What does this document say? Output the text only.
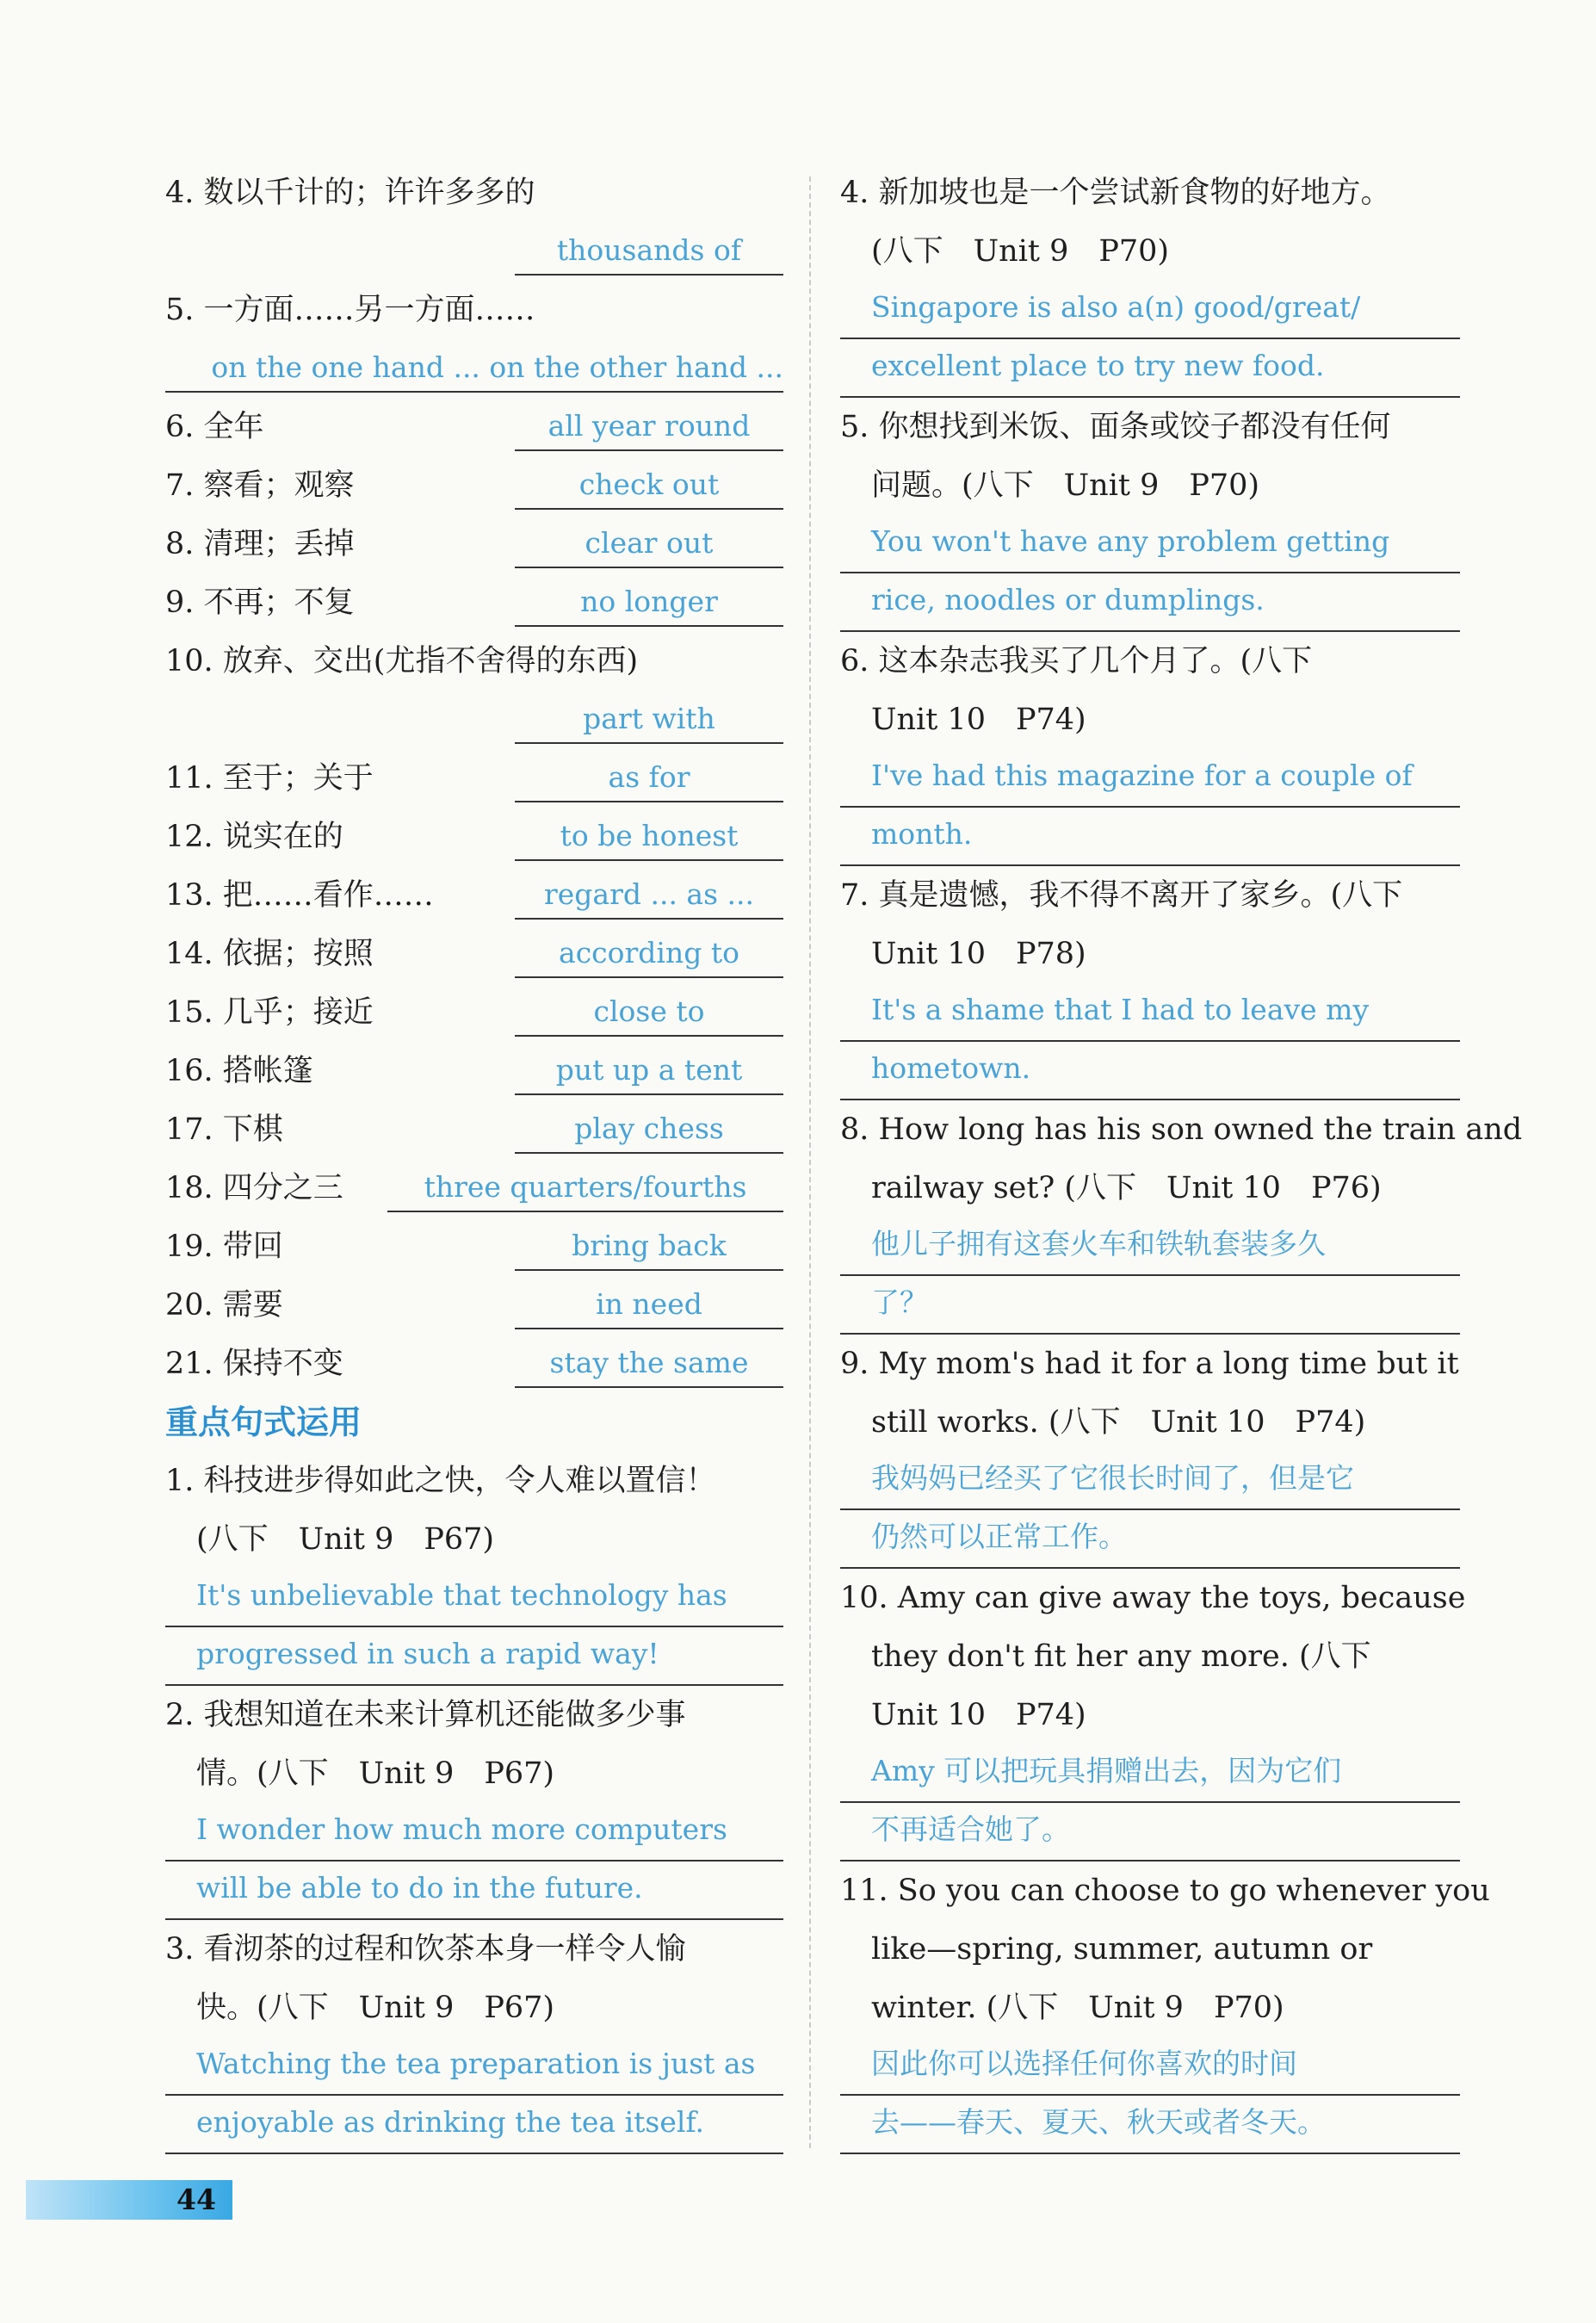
4. 数以千计的；许许多多的
thousands of
5. 一方面……另一方面……
on the one hand ... on the other hand ...
6. 全年	all year round
7. 察看；观察	check out
8. 清理；丢掉	clear out
9. 不再；不复	no longer
10. 放弃、交出(尤指不舍得的东西)
part with
11. 至于；关于	as for
12. 说实在的	to be honest
13. 把……看作……	regard ... as ...
14. 依据；按照	according to
15. 几乎；接近	close to
16. 搭帐篷	put up a tent
17. 下棋	play chess
18. 四分之三	three quarters/fourths
19. 带回	bring back
20. 需要	in need
21. 保持不变	stay the same
重点句式运用
1. 科技进步得如此之快，令人难以置信！
(八下　Unit 9　P67)
It's unbelievable that technology has
progressed in such a rapid way!
2. 我想知道在未来计算机还能做多少事
情。(八下　Unit 9　P67)
I wonder how much more computers
will be able to do in the future.
3. 看沏茶的过程和饮茶本身一样令人愉
快。(八下　Unit 9　P67)
Watching the tea preparation is just as
enjoyable as drinking the tea itself.
4. 新加坡也是一个尝试新食物的好地方。
(八下　Unit 9　P70)
Singapore is also a(n) good/great/
excellent place to try new food.
5. 你想找到米饭、面条或饺子都没有任何
问题。(八下　Unit 9　P70)
You won't have any problem getting
rice, noodles or dumplings.
6. 这本杂志我买了几个月了。(八下
Unit 10　P74)
I've had this magazine for a couple of
month.
7. 真是遗憾，我不得不离开了家乡。(八下
Unit 10　P78)
It's a shame that I had to leave my
hometown.
8. How long has his son owned the train and
railway set? (八下　Unit 10　P76)
他儿子拥有这套火车和铁轨套装多久
了？
9. My mom's had it for a long time but it
still works. (八下　Unit 10　P74)
我妈妈已经买了它很长时间了，但是它
仍然可以正常工作。
10. Amy can give away the toys, because
they don't fit her any more. (八下
Unit 10　P74)
Amy 可以把玩具捐赠出去，因为它们
不再适合她了。
11. So you can choose to go whenever you
like—spring, summer, autumn or
winter. (八下　Unit 9　P70)
因此你可以选择任何你喜欢的时间
去——春天、夏天、秋天或者冬天。
44
